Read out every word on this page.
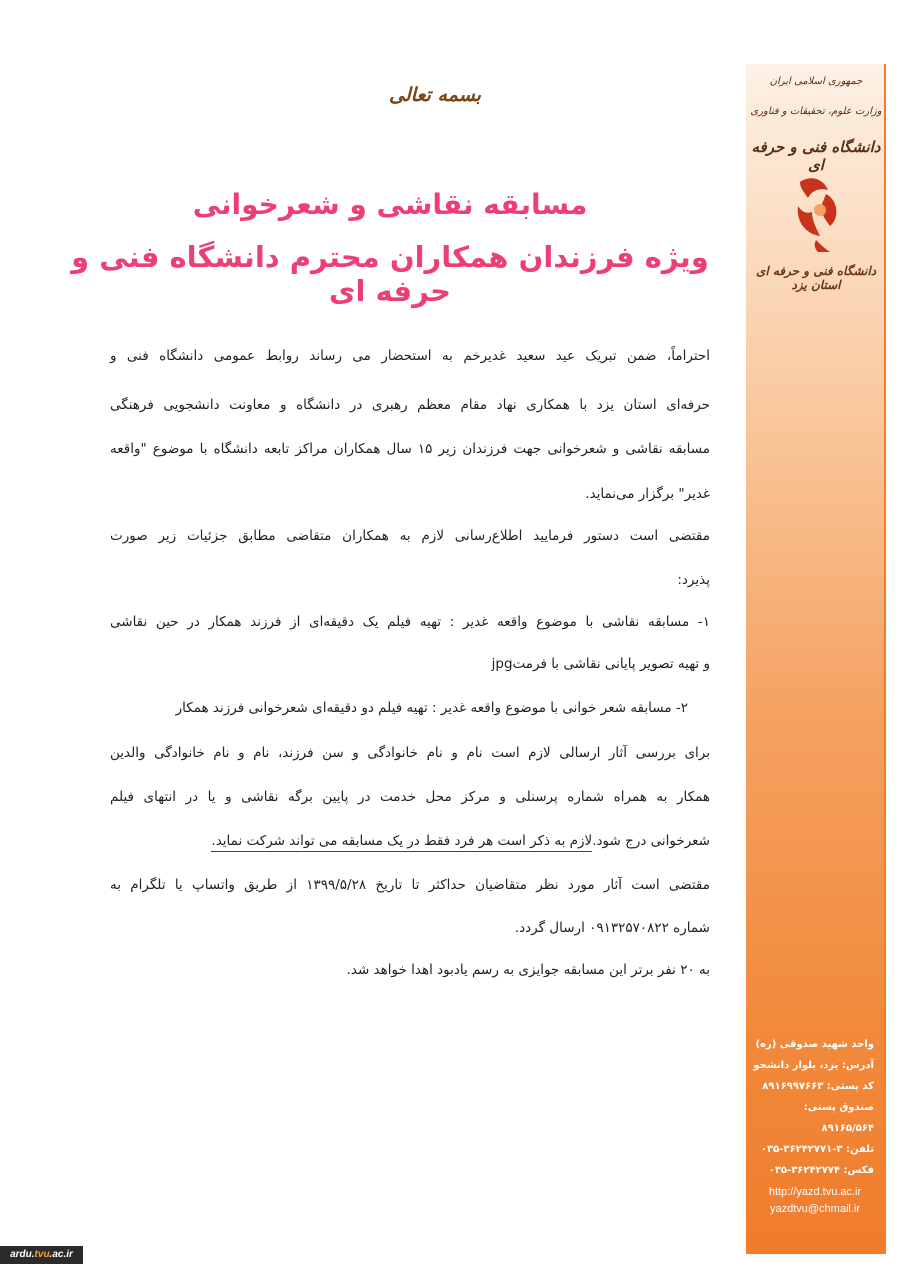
جمهوری اسلامی ایران
وزارت علوم، تحقیقات و فناوری
دانشگاه فنی و حرفه ای
دانشگاه فنی و حرفه ای استان یزد
واحد شهید صدوقی (ره)
آدرس: یزد، بلوار دانشجو
کد پستی: ۸۹۱۶۹۹۷۶۶۳
صندوق پستی: ۸۹۱۶۵/۵۶۴
تلفن: ۳-۳۶۲۴۲۷۷۱-۰۳۵
فکس: ۳۶۲۴۲۷۷۴-۰۳۵
http://yazd.tvu.ac.ir
yazdtvu@chmail.ir
بسمه تعالی
مسابقه نقاشی و شعرخوانی
ویژه فرزندان همکاران محترم دانشگاه فنی و حرفه ای
احتراماً، ضمن تبریک عید سعید غدیرخم به استحضار می رساند روابط عمومی دانشگاه فنی و
حرفه‌ای استان یزد با همکاری نهاد مقام معظم رهبری در دانشگاه و معاونت دانشجویی فرهنگی
مسابقه نقاشی و شعرخوانی جهت فرزندان زیر ۱۵ سال همکاران مراکز تابعه دانشگاه با موضوع "واقعه
غدیر" برگزار می‌نماید.
مقتضی است دستور فرمایید اطلاع‌رسانی لازم به همکاران متقاضی مطابق جزئیات زیر صورت
پذیرد:
۱- مسابقه نقاشی با موضوع واقعه غدیر : تهیه فیلم یک دقیقه‌ای از فرزند همکار در حین نقاشی
و تهیه تصویر پایانی نقاشی با فرمتjpg
۲- مسابقه شعر خوانی با موضوع واقعه غدیر : تهیه فیلم دو دقیقه‌ای شعرخوانی فرزند همکار
برای بررسی آثار ارسالی لازم است نام و نام خانوادگی و سن فرزند، نام و نام خانوادگی والدین
همکار به همراه شماره پرسنلی و مرکز محل خدمت در پایین برگه نقاشی و یا در انتهای فیلم
شعرخوانی درج شود.لازم به ذکر است هر فرد فقط در یک مسابقه می تواند شرکت نماید.
مقتضی است آثار مورد نظر متقاضیان حداکثر تا تاریخ ۱۳۹۹/۵/۲۸ از طریق واتساپ یا تلگرام به
شماره ۰۹۱۳۲۵۷۰۸۲۲ ارسال گردد.
به ۲۰ نفر برتر این مسابقه جوایزی به رسم یادبود اهدا خواهد شد.
ardu.tvu.ac.ir
